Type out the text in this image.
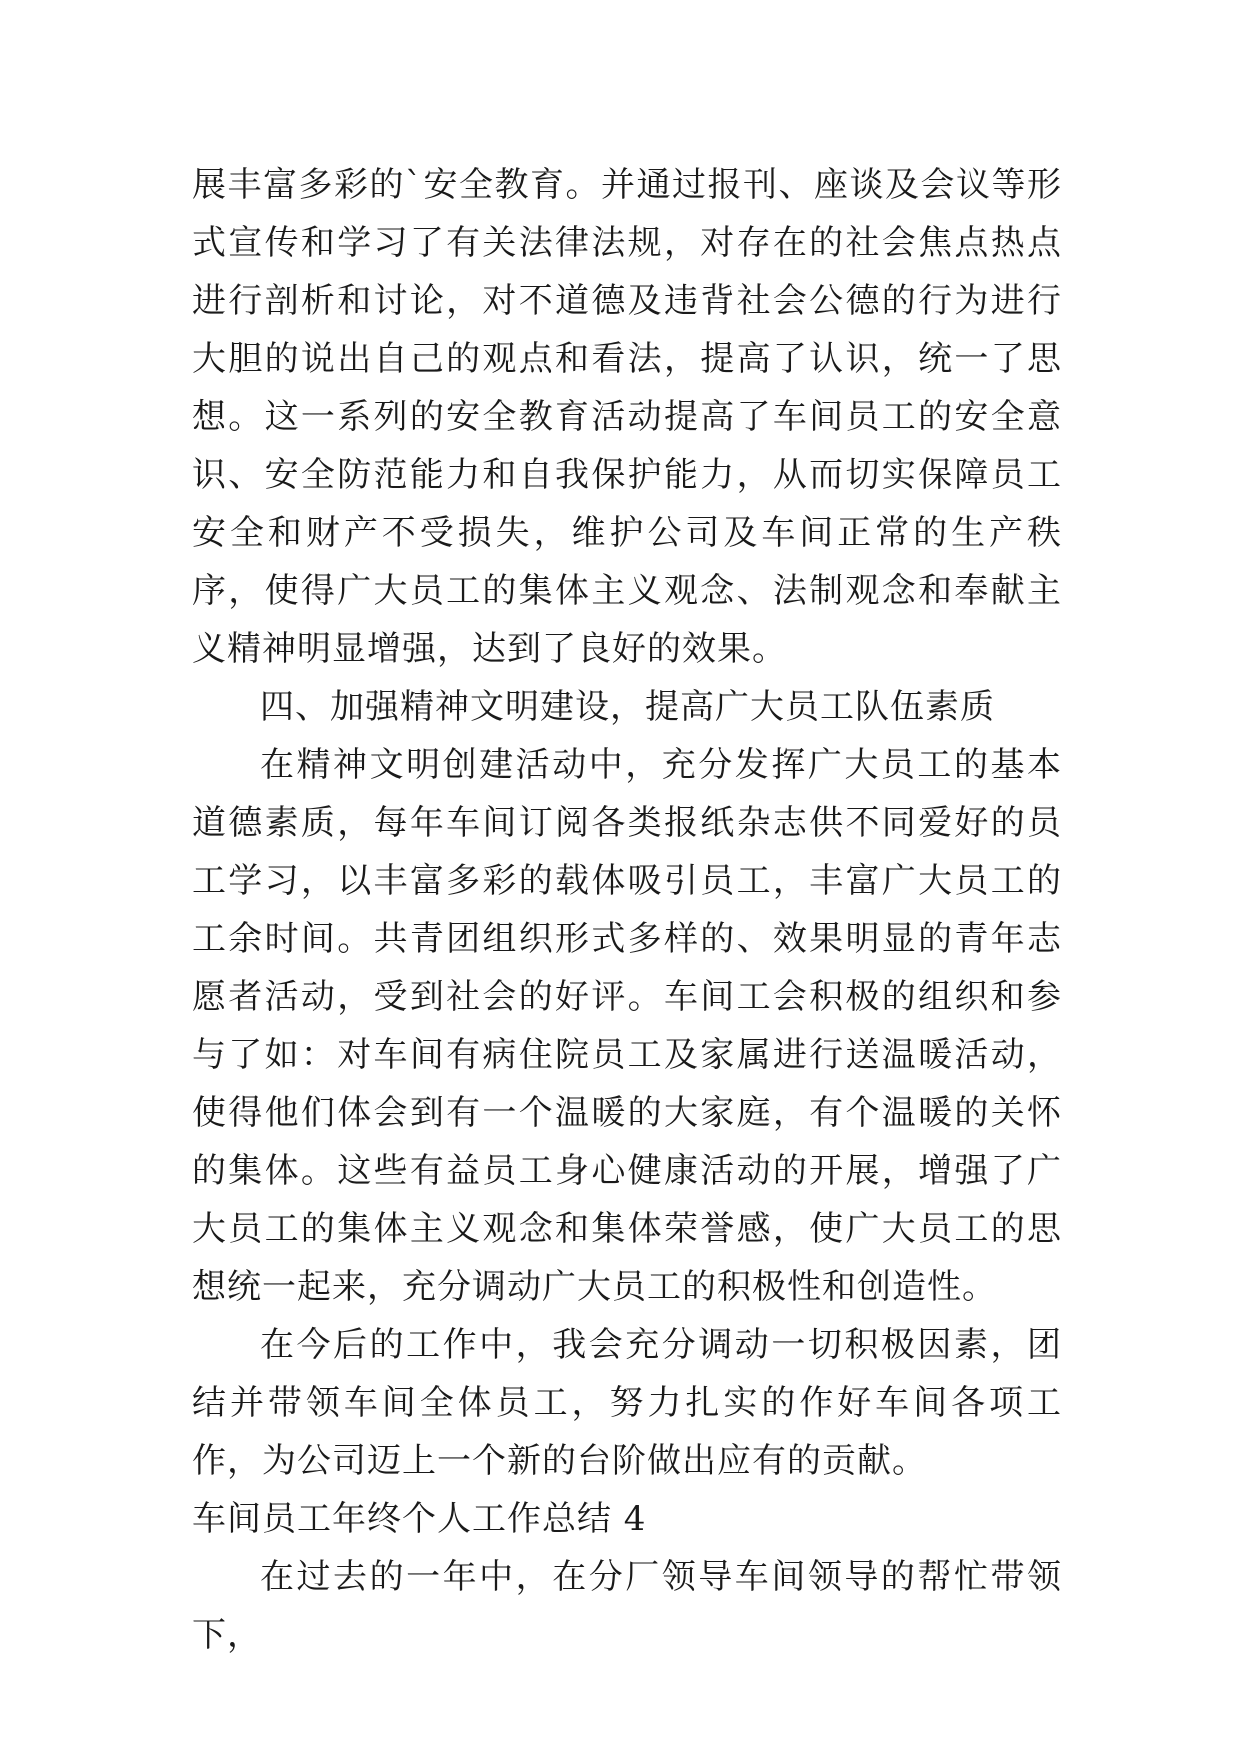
展丰富多彩的`安全教育。并通过报刊、座谈及会议等形式宣传和学习了有关法律法规，对存在的社会焦点热点进行剖析和讨论，对不道德及违背社会公德的行为进行大胆的说出自己的观点和看法，提高了认识，统一了思想。这一系列的安全教育活动提高了车间员工的安全意识、安全防范能力和自我保护能力，从而切实保障员工安全和财产不受损失，维护公司及车间正常的生产秩序，使得广大员工的集体主义观念、法制观念和奉献主义精神明显增强，达到了良好的效果。

四、加强精神文明建设，提高广大员工队伍素质

在精神文明创建活动中，充分发挥广大员工的基本道德素质，每年车间订阅各类报纸杂志供不同爱好的员工学习，以丰富多彩的载体吸引员工，丰富广大员工的工余时间。共青团组织形式多样的、效果明显的青年志愿者活动，受到社会的好评。车间工会积极的组织和参与了如：对车间有病住院员工及家属进行送温暖活动，使得他们体会到有一个温暖的大家庭，有个温暖的关怀的集体。这些有益员工身心健康活动的开展，增强了广大员工的集体主义观念和集体荣誉感，使广大员工的思想统一起来，充分调动广大员工的积极性和创造性。

在今后的工作中，我会充分调动一切积极因素，团结并带领车间全体员工，努力扎实的作好车间各项工作，为公司迈上一个新的台阶做出应有的贡献。

车间员工年终个人工作总结 4

在过去的一年中，在分厂领导车间领导的帮忙带领下，
